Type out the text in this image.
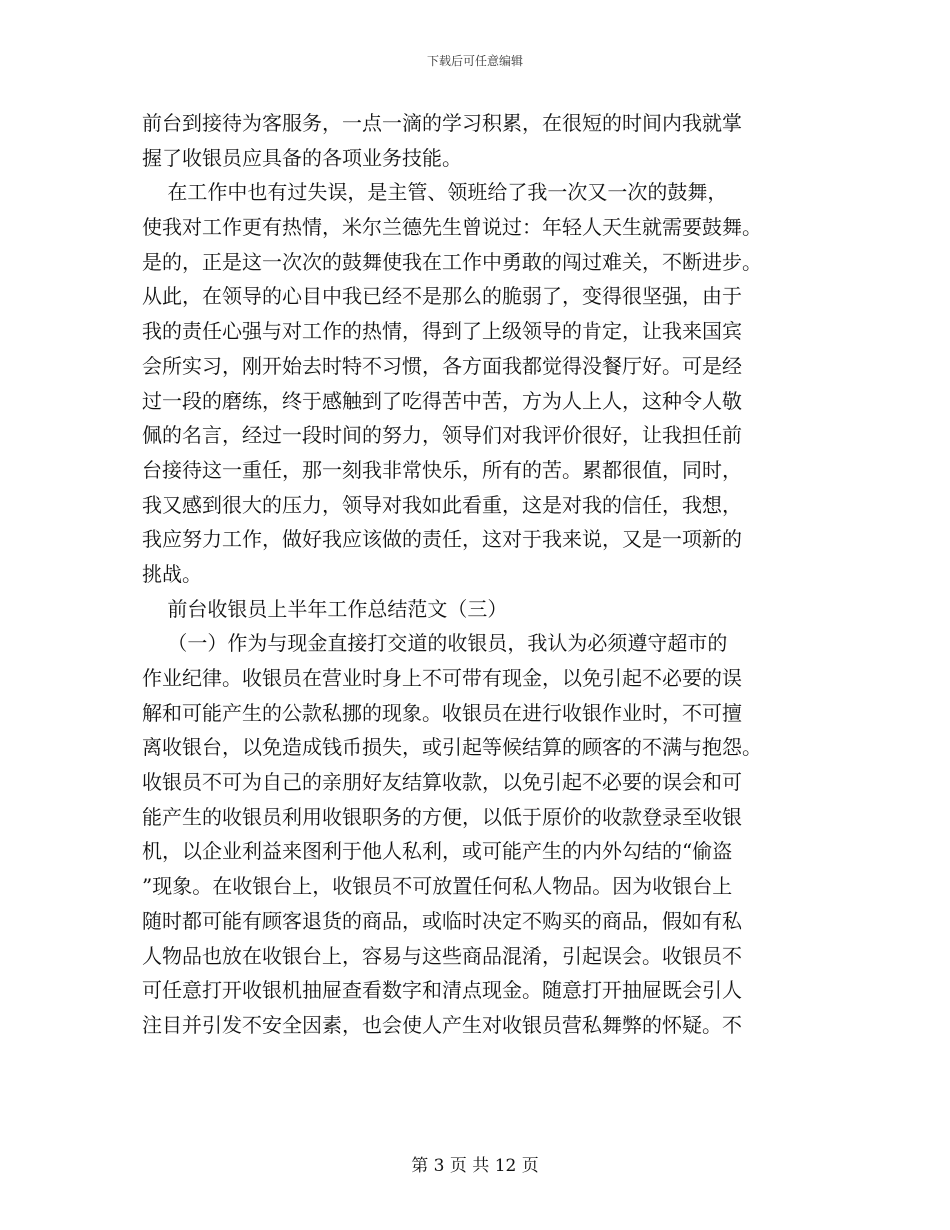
下载后可任意编辑
前台到接待为客服务，一点一滴的学习积累，在很短的时间内我就掌
握了收银员应具备的各项业务技能。
在工作中也有过失误，是主管、领班给了我一次又一次的鼓舞，
使我对工作更有热情，米尔兰德先生曾说过：年轻人天生就需要鼓舞。
是的，正是这一次次的鼓舞使我在工作中勇敢的闯过难关，不断进步。
从此，在领导的心目中我已经不是那么的脆弱了，变得很坚强，由于
我的责任心强与对工作的热情，得到了上级领导的肯定，让我来国宾
会所实习，刚开始去时特不习惯，各方面我都觉得没餐厅好。可是经
过一段的磨练，终于感触到了吃得苦中苦，方为人上人，这种令人敬
佩的名言，经过一段时间的努力，领导们对我评价很好，让我担任前
台接待这一重任，那一刻我非常快乐，所有的苦。累都很值，同时，
我又感到很大的压力，领导对我如此看重，这是对我的信任，我想，
我应努力工作，做好我应该做的责任，这对于我来说，又是一项新的
挑战。
前台收银员上半年工作总结范文（三）
（一）作为与现金直接打交道的收银员，我认为必须遵守超市的
作业纪律。收银员在营业时身上不可带有现金，以免引起不必要的误
解和可能产生的公款私挪的现象。收银员在进行收银作业时，不可擅
离收银台，以免造成钱币损失，或引起等候结算的顾客的不满与抱怨。
收银员不可为自己的亲朋好友结算收款，以免引起不必要的误会和可
能产生的收银员利用收银职务的方便，以低于原价的收款登录至收银
机，以企业利益来图利于他人私利，或可能产生的内外勾结的“偷盗
”现象。在收银台上，收银员不可放置任何私人物品。因为收银台上
随时都可能有顾客退货的商品，或临时决定不购买的商品，假如有私
人物品也放在收银台上，容易与这些商品混淆，引起误会。收银员不
可任意打开收银机抽屉查看数字和清点现金。随意打开抽屉既会引人
注目并引发不安全因素，也会使人产生对收银员营私舞弊的怀疑。不
第 3 页 共 12 页
